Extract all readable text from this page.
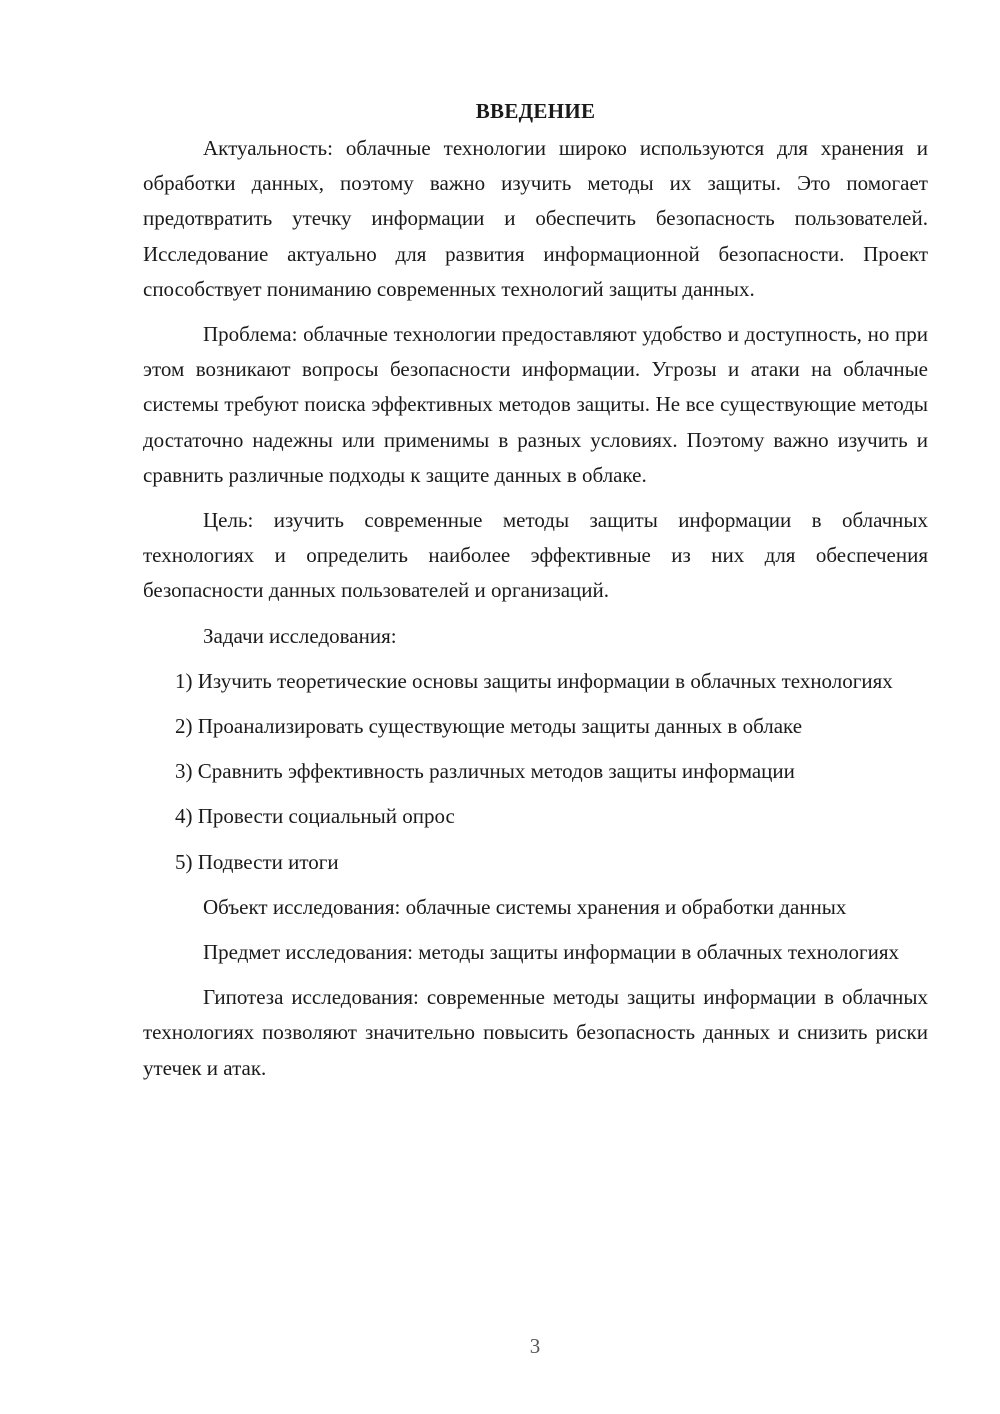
ВВЕДЕНИЕ

Актуальность: облачные технологии широко используются для хранения и обработки данных, поэтому важно изучить методы их защиты. Это помогает предотвратить утечку информации и обеспечить безопасность пользователей. Исследование актуально для развития информационной безопасности. Проект способствует пониманию современных технологий защиты данных.

Проблема: облачные технологии предоставляют удобство и доступность, но при этом возникают вопросы безопасности информации. Угрозы и атаки на облачные системы требуют поиска эффективных методов защиты. Не все существующие методы достаточно надежны или применимы в разных условиях. Поэтому важно изучить и сравнить различные подходы к защите данных в облаке.

Цель: изучить современные методы защиты информации в облачных технологиях и определить наиболее эффективные из них для обеспечения безопасности данных пользователей и организаций.

Задачи исследования:

1) Изучить теоретические основы защиты информации в облачных технологиях

2) Проанализировать существующие методы защиты данных в облаке

3) Сравнить эффективность различных методов защиты информации

4) Провести социальный опрос

5) Подвести итоги

Объект исследования: облачные системы хранения и обработки данных

Предмет исследования: методы защиты информации в облачных технологиях

Гипотеза исследования: современные методы защиты информации в облачных технологиях позволяют значительно повысить безопасность данных и снизить риски утечек и атак.

3
